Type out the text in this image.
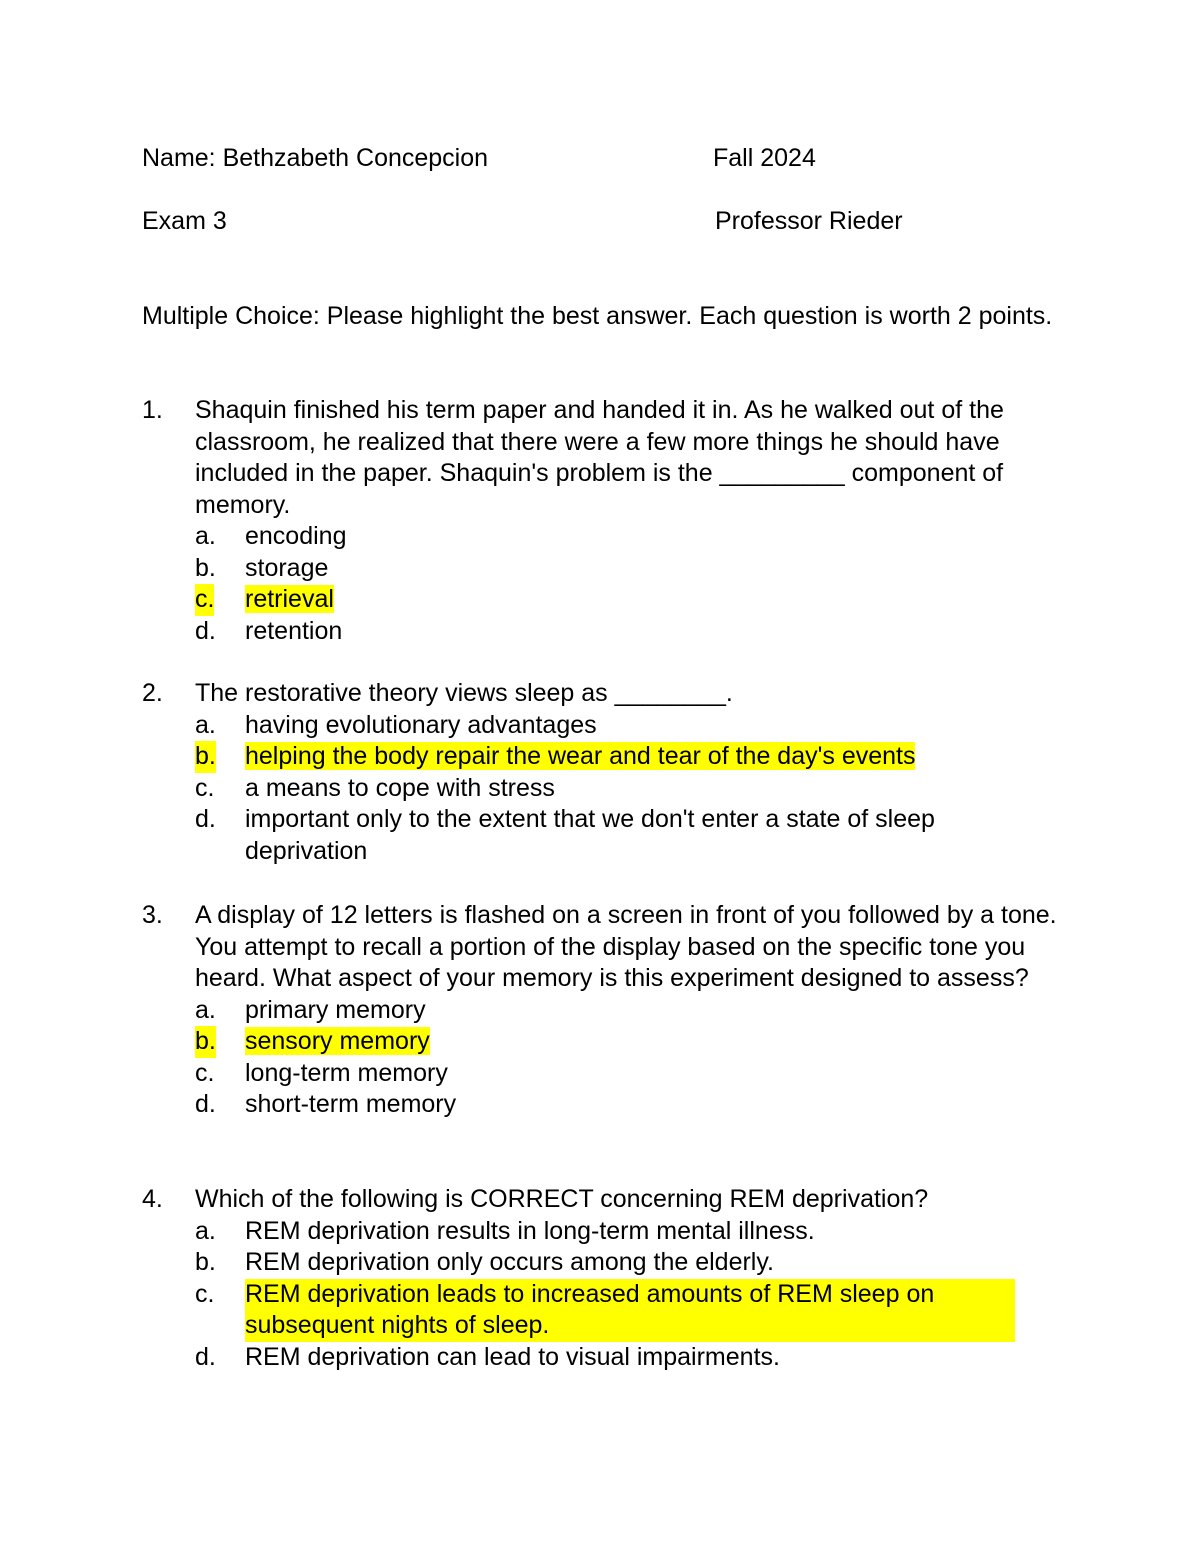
Name: Bethzabeth Concepcion	Fall 2024
Exam 3	Professor Rieder
Multiple Choice: Please highlight the best answer. Each question is worth 2 points.
1. Shaquin finished his term paper and handed it in. As he walked out of the classroom, he realized that there were a few more things he should have included in the paper. Shaquin's problem is the _________ component of memory.
a. encoding
b. storage
c. retrieval
d. retention
2. The restorative theory views sleep as ________.
a. having evolutionary advantages
b. helping the body repair the wear and tear of the day's events
c. a means to cope with stress
d. important only to the extent that we don't enter a state of sleep deprivation
3. A display of 12 letters is flashed on a screen in front of you followed by a tone. You attempt to recall a portion of the display based on the specific tone you heard. What aspect of your memory is this experiment designed to assess?
a. primary memory
b. sensory memory
c. long-term memory
d. short-term memory
4. Which of the following is CORRECT concerning REM deprivation?
a. REM deprivation results in long-term mental illness.
b. REM deprivation only occurs among the elderly.
c. REM deprivation leads to increased amounts of REM sleep on subsequent nights of sleep.
d. REM deprivation can lead to visual impairments.
